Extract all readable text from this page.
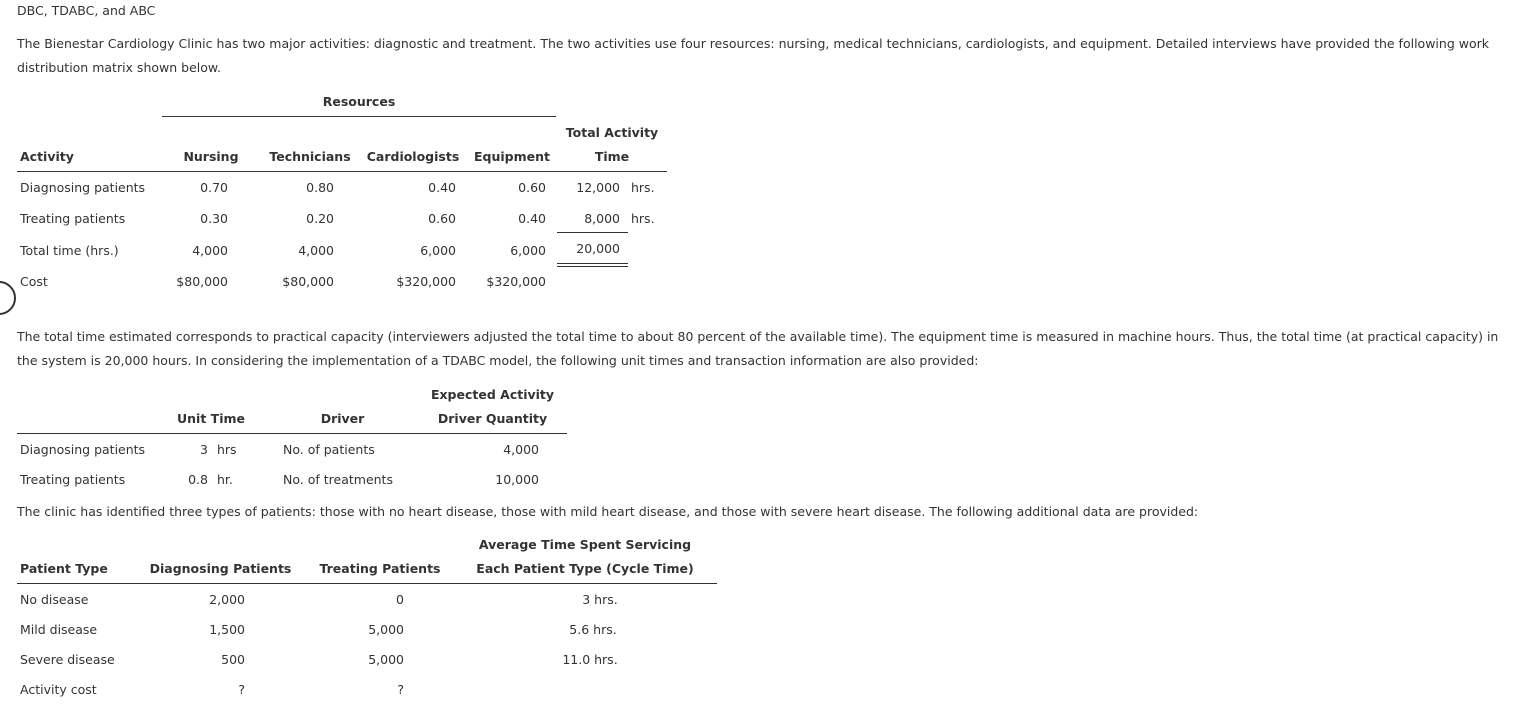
DBC, TDABC, and ABC
The Bienestar Cardiology Clinic has two major activities: diagnostic and treatment. The two activities use four resources: nursing, medical technicians, cardiologists, and equipment. Detailed interviews have provided the following work distribution matrix shown below.
Resources
Total Activity
Time
Activity	Nursing	Technicians	Cardiologists	Equipment
Diagnosing patients	0.70	0.80	0.40	0.60	12,000 hrs.
Treating patients	0.30	0.20	0.60	0.40	8,000 hrs.
Total time (hrs.)	4,000	4,000	6,000	6,000	20,000
Cost	$80,000	$80,000	$320,000	$320,000
The total time estimated corresponds to practical capacity (interviewers adjusted the total time to about 80 percent of the available time). The equipment time is measured in machine hours. Thus, the total time (at practical capacity) in the system is 20,000 hours. In considering the implementation of a TDABC model, the following unit times and transaction information are also provided:
Expected Activity
Driver Quantity
Unit Time	Driver
Diagnosing patients	3 hrs	No. of patients	4,000
Treating patients	0.8 hr.	No. of treatments	10,000
The clinic has identified three types of patients: those with no heart disease, those with mild heart disease, and those with severe heart disease. The following additional data are provided:
Average Time Spent Servicing
Each Patient Type (Cycle Time)
Patient Type	Diagnosing Patients	Treating Patients
No disease	2,000	0	3 hrs.
Mild disease	1,500	5,000	5.6 hrs.
Severe disease	500	5,000	11.0 hrs.
Activity cost	?	?
